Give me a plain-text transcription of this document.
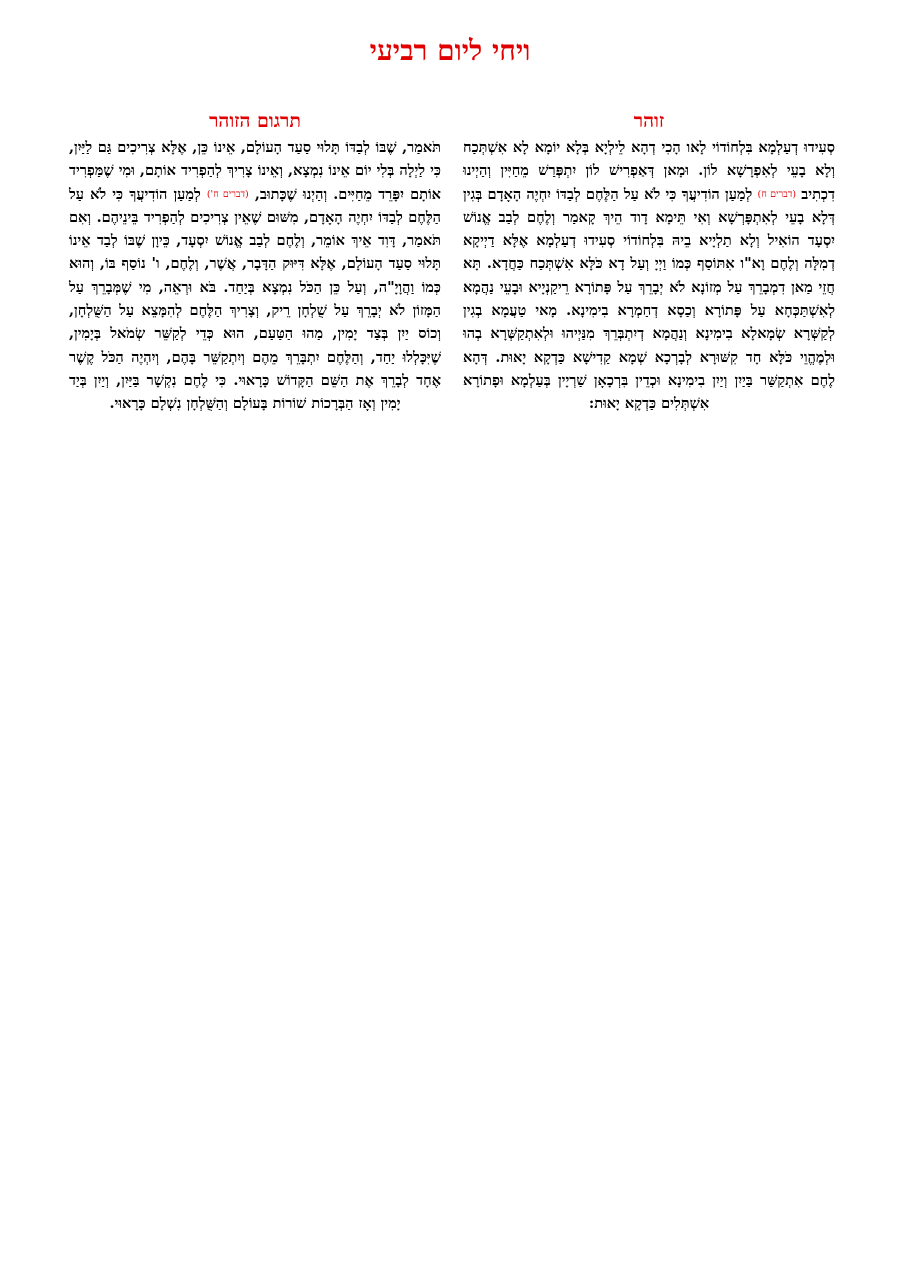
ויחי ליום רביעי
זוהר

סְעִידוּ דְעַלְמָא בִּלְחוֹדוֹי לָאו הָכִי דְהָא לֵילְיָא בְּלָא יוֹמָא לָא אִשְׁתְּכַח וְלָא בָעֵי לְאִפְרָשָׁא לוֹן. וּמָאן דְּאַפְרִישׁ לוֹן יִתְפְּרַשׁ מֵחַיִּין וְהַיְינוּ דִכְתִיב (דברים ח) לְמַעַן הוֹדִיעֲךָ כִּי לֹא עַל הַלֶּחֶם לְבַדּוֹ יִחְיֶה הָאָדָם בְּגִין דְּלָא בָעֵי לְאִתְפָּרְשָׁא וְאִי תֵּימָא דָוד הֵיךְ קָאמַר וְלֶחֶם לְבַב אֱנוֹשׁ יִסְעָד הוֹאִיל וְלָא תַלְיָיא בֵיהּ בִּלְחוֹדוֹי סְעִידוּ דְעַלְמָא אֶלָּא דַיְיקָא דְמִלָּה וְלֶחֶם וָא"ו אִתּוֹסַף כְּמוֹ וַיְיָ וְעַל דָא כֹּלָּא אִשְׁתְּכַח כַּחֲדָא. תָּא חֲזֵי מַאן דִמְבָרֵךְ עַל מְזוֹנָא לֹא יְבָרֵךְ עַל פָּתוֹרָא רֵיקַנְיָיא וּבָעֵי נַהֲמָא לְאִשְׁתַּכְּחָא עַל פָּתוֹרָא וְכַסָא דְחַמְרָא בִימִינָא. מָאי טַעֲמָא בְגִין לְקַשְּׁרָא שְׂמָאלָא בִימִינָא וְנַהֲמָא דְיִתְבְּרֵךְ מִנַּיְיהוּ וּלְאִתְקַשְּׁרָא בְהוּ וּלְמֶהֱוֵי כֹּלָּא חָד קִשּׁוּרָא לְבָרְכָא שְׁמָא קַדִישָׁא כַּדְקָא יָאוּת. דְּהָא לֶחֶם אִתְקַשַּׁר בַּיַיִן וְיַיִן בִימִינָא וּכְדֵין בִּרְכָאָן שַׁרְיָין בְּעַלְמָא וּפָתוֹרָא אִשְׁתְּלִים כַּדְקָא יָאוּת:

תרגום הזוהר

תֹּאמַר, שֶׁבּוֹ לְבַדּוֹ תָּלוּי סַעַד הָעוֹלָם, אֵינוֹ כֵּן, אֶלָּא צְרִיכִים גַּם לַיַּיִן, כִּי לַיְלָה בְּלִי יוֹם אֵינוֹ נִמְצָא, וְאֵינוֹ צָרִיךְ לְהַפְרִיד אוֹתָם, וּמִי שֶׁמַּפְרִיד אוֹתָם יִפָּרֵד מֵחַיִּים. וְהַיְנוּ שֶׁכָּתוּב, (דברים ח') לְמַעַן הוֹדִיעֲךָ כִּי לֹא עַל הַלֶּחֶם לְבַדּוֹ יִחְיֶה הָאָדָם, מִשּׁוּם שֶׁאֵין צְרִיכִים לְהַפְרִיד בֵּינֵיהֶם. וְאִם תֹּאמַר, דָּוִד אֵיךְ אוֹמֵר, וְלֶחֶם לְבַב אֱנוֹשׁ יִסְעָד, כֵּיוָן שֶׁבּוֹ לְבַד אֵינוֹ תָּלוּי סַעַד הָעוֹלָם, אֶלָּא דִּיּוּק הַדָּבָר, אֲשֶׁר, וְלֶחֶם, ו' נוֹסַף בּוֹ, וְהוּא כְּמוֹ וַהֲוָיָ"ה, וְעַל כֵּן הַכֹּל נִמְצָא בְּיַחַד. בֹּא וּרְאֵה, מִי שֶׁמְּבָרֵךְ עַל הַמָּזוֹן לֹא יְבָרֵךְ עַל שֻׁלְחָן רֵיק, וְצָרִיךְ הַלֶּחֶם לְהִמָּצֵא עַל הַשֻּׁלְחָן, וְכוֹס יַיִן בְּצַד יָמִין, מַהוּ הַטַּעַם, הוּא כְּדֵי לְקַשֵּׁר שְׂמֹאל בְּיָמִין, שֶׁיִּכָּלְלוּ יַחַד, וְהַלֶּחֶם יִתְבָּרֵךְ מֵהֶם וְיִתְקַשֵּׁר בָּהֶם, וְיִהְיֶה הַכֹּל קֶשֶׁר אֶחָד לְבָרֵךְ אֶת הַשֵּׁם הַקָּדוֹשׁ כָּרָאוּי. כִּי לֶחֶם נִקְשָׁר בַּיַּיִן, וְיַיִן בְּיַד יָמִין וְאָז הַבְּרָכוֹת שׁוֹרוֹת בָּעוֹלָם וְהַשֻּׁלְחָן נִשְׁלָם כָּרָאוּי.
